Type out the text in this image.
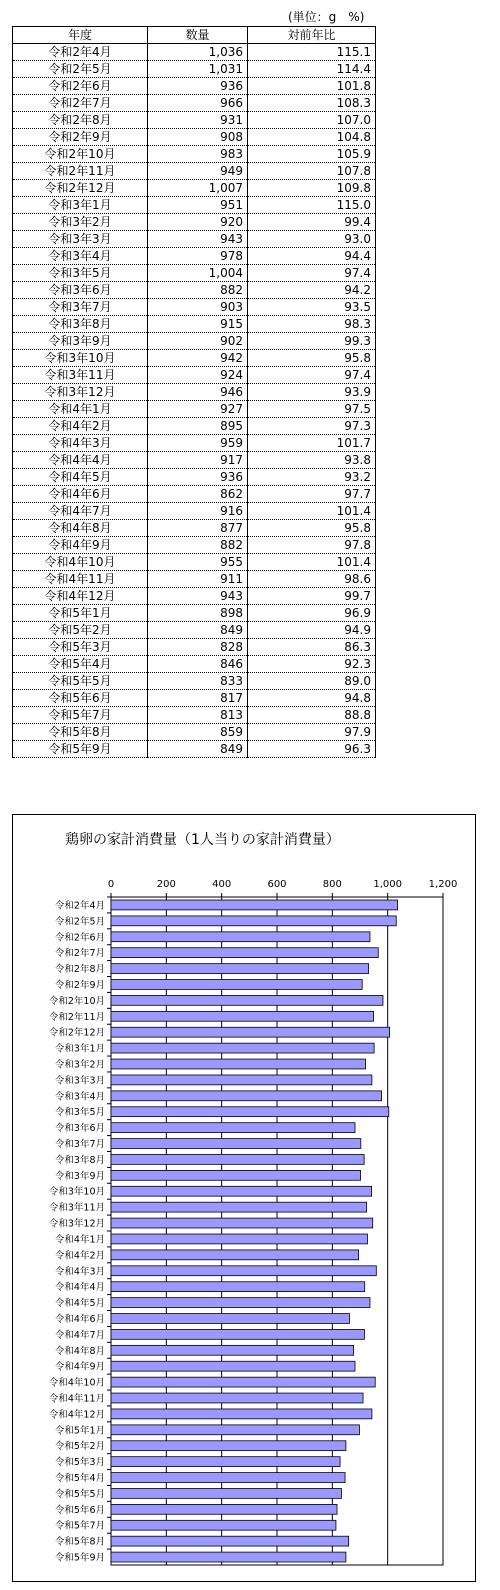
(単位：g　%)
年度	数量	対前年比
令和2年4月	1,036	115.1
令和2年5月	1,031	114.4
令和2年6月	936	101.8
令和2年7月	966	108.3
令和2年8月	931	107.0
令和2年9月	908	104.8
令和2年10月	983	105.9
令和2年11月	949	107.8
令和2年12月	1,007	109.8
令和3年1月	951	115.0
令和3年2月	920	99.4
令和3年3月	943	93.0
令和3年4月	978	94.4
令和3年5月	1,004	97.4
令和3年6月	882	94.2
令和3年7月	903	93.5
令和3年8月	915	98.3
令和3年9月	902	99.3
令和3年10月	942	95.8
令和3年11月	924	97.4
令和3年12月	946	93.9
令和4年1月	927	97.5
令和4年2月	895	97.3
令和4年3月	959	101.7
令和4年4月	917	93.8
令和4年5月	936	93.2
令和4年6月	862	97.7
令和4年7月	916	101.4
令和4年8月	877	95.8
令和4年9月	882	97.8
令和4年10月	955	101.4
令和4年11月	911	98.6
令和4年12月	943	99.7
令和5年1月	898	96.9
令和5年2月	849	94.9
令和5年3月	828	86.3
令和5年4月	846	92.3
令和5年5月	833	89.0
令和5年6月	817	94.8
令和5年7月	813	88.8
令和5年8月	859	97.9
令和5年9月	849	96.3
鶏卵の家計消費量（1人当りの家計消費量）
0	200	400	600	800	1,000	1,200
令和2年4月
令和2年5月
令和2年6月
令和2年7月
令和2年8月
令和2年9月
令和2年10月
令和2年11月
令和2年12月
令和3年1月
令和3年2月
令和3年3月
令和3年4月
令和3年5月
令和3年6月
令和3年7月
令和3年8月
令和3年9月
令和3年10月
令和3年11月
令和3年12月
令和4年1月
令和4年2月
令和4年3月
令和4年4月
令和4年5月
令和4年6月
令和4年7月
令和4年8月
令和4年9月
令和4年10月
令和4年11月
令和4年12月
令和5年1月
令和5年2月
令和5年3月
令和5年4月
令和5年5月
令和5年6月
令和5年7月
令和5年8月
令和5年9月
